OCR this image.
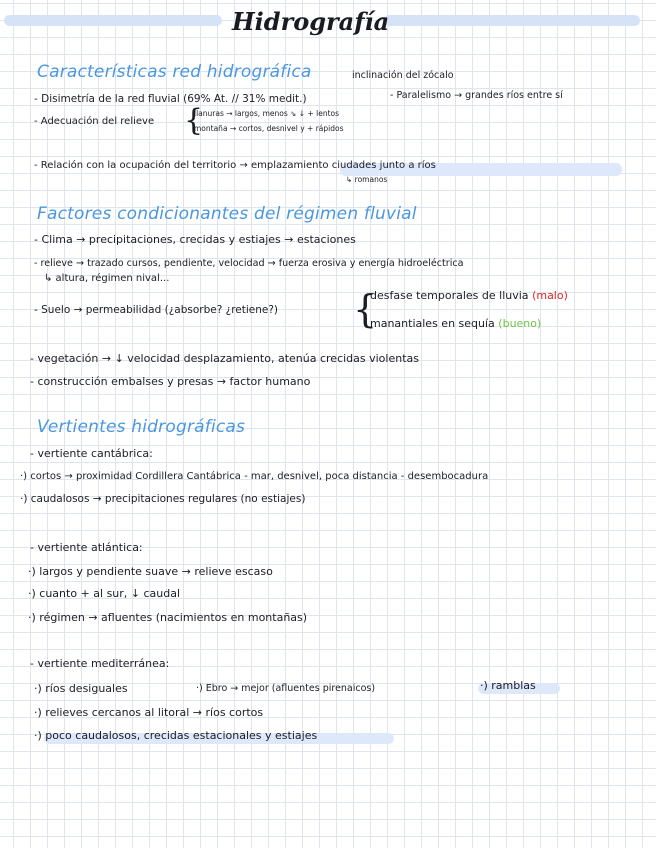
Hidrografía
Características red hidrográfica	inclinación del zócalo
- Disimetría de la red fluvial (69% At. // 31% medit.)	- Paralelismo → grandes ríos entre sí
- Adecuación del relieve {
llanuras → largos, menos ⇘ ↓ + lentos
montaña → cortos, desnivel y + rápidos
- Relación con la ocupación del territorio → emplazamiento ciudades junto a ríos
↳ romanos
Factores condicionantes del régimen fluvial
- Clima → precipitaciones, crecidas y estiajes → estaciones
- relieve → trazado cursos, pendiente, velocidad → fuerza erosiva y energía hidroeléctrica
↳ altura, régimen nival...
- Suelo → permeabilidad (¿absorbe? ¿retiene?) {
desfase temporales de lluvia (malo)
manantiales en sequía (bueno)
- vegetación → ↓ velocidad desplazamiento, atenúa crecidas violentas
- construcción embalses y presas → factor humano
Vertientes hidrográficas
- vertiente cantábrica:
·) cortos → proximidad Cordillera Cantábrica - mar, desnivel, poca distancia - desembocadura
·) caudalosos → precipitaciones regulares (no estiajes)
- vertiente atlántica:
·) largos y pendiente suave → relieve escaso
·) cuanto + al sur, ↓ caudal
·) régimen → afluentes (nacimientos en montañas)
- vertiente mediterránea:
·) ríos desiguales	·) Ebro → mejor (afluentes pirenaicos)	·) ramblas
·) relieves cercanos al litoral → ríos cortos
·) poco caudalosos, crecidas estacionales y estiajes
